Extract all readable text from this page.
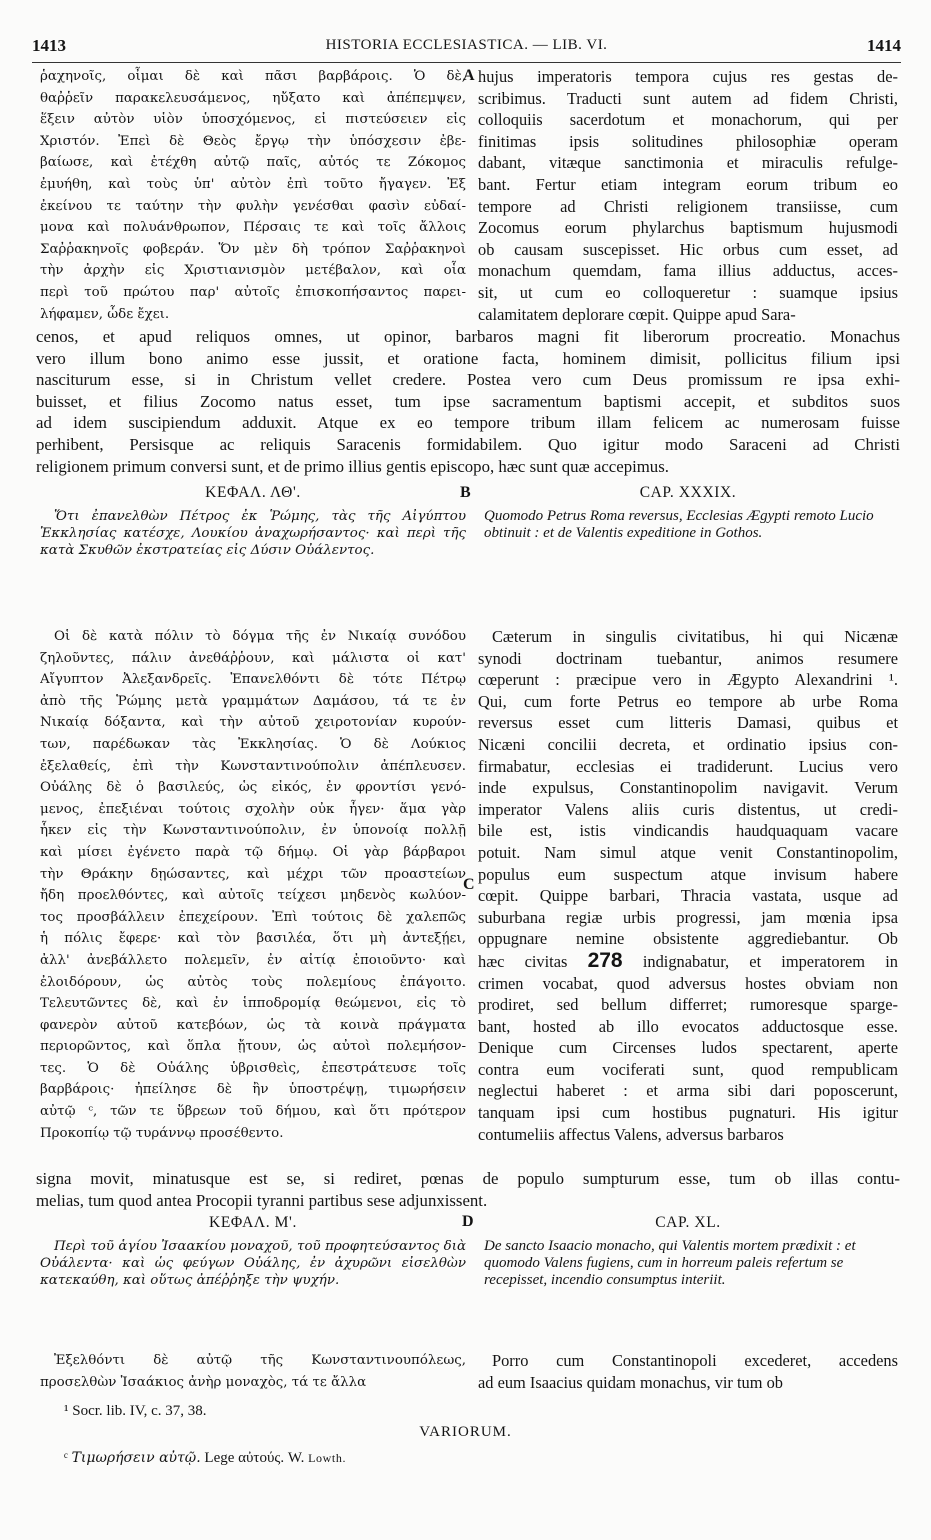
1413	HISTORIA ECCLESIASTICA. — LIB. VI.	1414
ῥαχηνοῖς, οἶμαι δὲ καὶ πᾶσι βαρβάροις. Ὁ δὲ,
θαῤῥεῖν παρακελευσάμενος, ηὔξατο καὶ ἀπέπεμψεν,
ἕξειν αὐτὸν υἱὸν ὑποσχόμενος, εἰ πιστεύσειεν εἰς
Χριστόν. Ἐπεὶ δὲ Θεὸς ἔργῳ τὴν ὑπόσχεσιν ἐβε-
βαίωσε, καὶ ἐτέχθη αὐτῷ παῖς, αὐτός τε Ζόκομος
ἐμυήθη, καὶ τοὺς ὑπ' αὐτὸν ἐπὶ τοῦτο ἤγαγεν. Ἐξ
ἐκείνου τε ταύτην τὴν φυλὴν γενέσθαι φασὶν εὐδαί-
μονα καὶ πολυάνθρωπον, Πέρσαις τε καὶ τοῖς ἄλλοις
Σαῤῥακηνοῖς φοβεράν. Ὅν μὲν δὴ τρόπον Σαῤῥακηνοὶ
τὴν ἀρχὴν εἰς Χριστιανισμὸν μετέβαλον, καὶ οἷα
περὶ τοῦ πρώτου παρ' αὐτοῖς ἐπισκοπήσαντος παρει-
λήφαμεν, ὧδε ἔχει.
hujus imperatoris tempora cujus res gestas de-
scribimus. Traducti sunt autem ad fidem Christi,
colloquiis sacerdotum et monachorum, qui per
finitimas ipsis solitudines philosophiæ operam
dabant, vitæque sanctimonia et miraculis refulge-
bant. Fertur etiam integram eorum tribum eo
tempore ad Christi religionem transiisse, cum
Zocomus eorum phylarchus baptismum hujusmodi
ob causam suscepisset. Hic orbus cum esset, ad
monachum quemdam, fama illius adductus, acces-
sit, ut cum eo colloqueretur : suamque ipsius
calamitatem deplorare cœpit. Quippe apud Sara-
A
cenos, et apud reliquos omnes, ut opinor, barbaros magni fit liberorum procreatio. Monachus
vero illum bono animo esse jussit, et oratione facta, hominem dimisit, pollicitus filium ipsi
nasciturum esse, si in Christum vellet credere. Postea vero cum Deus promissum re ipsa exhi-
buisset, et filius Zocomo natus esset, tum ipse sacramentum baptismi accepit, et subditos suos
ad idem suscipiendum adduxit. Atque ex eo tempore tribum illam felicem ac numerosam fuisse
perhibent, Persisque ac reliquis Saracenis formidabilem. Quo igitur modo Saraceni ad Christi
religionem primum conversi sunt, et de primo illius gentis episcopo, hæc sunt quæ accepimus.

ΚΕΦΑΛ. ΛΘ'.

Ὅτι ἐπανελθὼν Πέτρος ἐκ Ῥώμης, τὰς τῆς Αἰγύπτου Ἐκκλησίας κατέσχε, Λουκίου ἀναχωρήσαντος· καὶ περὶ τῆς κατὰ Σκυθῶν ἐκστρατείας εἰς Δύσιν Οὐάλεντος.

CAP. XXXIX.

Quomodo Petrus Roma reversus, Ecclesias Ægypti remoto Lucio obtinuit : et de Valentis expeditione in Gothos.

B
Οἱ δὲ κατὰ πόλιν τὸ δόγμα τῆς ἐν Νικαίᾳ συνόδου
ζηλοῦντες, πάλιν ἀνεθάῤῥουν, καὶ μάλιστα οἱ κατ'
Αἴγυπτον Ἀλεξανδρεῖς. Ἐπανελθόντι δὲ τότε Πέτρῳ
ἀπὸ τῆς Ῥώμης μετὰ γραμμάτων Δαμάσου, τά τε ἐν
Νικαίᾳ δόξαντα, καὶ τὴν αὐτοῦ χειροτονίαν κυρούν-
των, παρέδωκαν τὰς Ἐκκλησίας. Ὁ δὲ Λούκιος
ἐξελαθείς, ἐπὶ τὴν Κωνσταντινούπολιν ἀπέπλευσεν.
Οὐάλης δὲ ὁ βασιλεύς, ὡς εἰκός, ἐν φροντίσι γενό-
μενος, ἐπεξιέναι τούτοις σχολὴν οὐκ ἦγεν· ἅμα γὰρ
ἧκεν εἰς τὴν Κωνσταντινούπολιν, ἐν ὑπονοίᾳ πολλῇ
καὶ μίσει ἐγένετο παρὰ τῷ δήμῳ. Οἱ γὰρ βάρβαροι
τὴν Θράκην δῃώσαντες, καὶ μέχρι τῶν προαστείων
ἤδη προελθόντες, καὶ αὐτοῖς τείχεσι μηδενὸς κωλύον-
τος προσβάλλειν ἐπεχείρουν. Ἐπὶ τούτοις δὲ χαλεπῶς
ἡ πόλις ἔφερε· καὶ τὸν βασιλέα, ὅτι μὴ ἀντεξῄει,
ἀλλ' ἀνεβάλλετο πολεμεῖν, ἐν αἰτίᾳ ἐποιοῦντο· καὶ
ἐλοιδόρουν, ὡς αὐτὸς τοὺς πολεμίους ἐπάγοιτο.
Τελευτῶντες δὲ, καὶ ἐν ἱπποδρομίᾳ θεώμενοι, εἰς τὸ
φανερὸν αὐτοῦ κατεβόων, ὡς τὰ κοινὰ πράγματα
περιορῶντος, καὶ ὅπλα ᾔτουν, ὡς αὐτοὶ πολεμήσον-
τες. Ὁ δὲ Οὐάλης ὑβρισθεὶς, ἐπεστράτευσε τοῖς
βαρβάροις· ἠπείλησε δὲ ἢν ὑποστρέψῃ, τιμωρήσειν
αὐτῷ ᶜ, τῶν τε ὕβρεων τοῦ δήμου, καὶ ὅτι πρότερον
Προκοπίῳ τῷ τυράννῳ προσέθεντο.
Cæterum in singulis civitatibus, hi qui Nicænæ
synodi doctrinam tuebantur, animos resumere
cœperunt : præcipue vero in Ægypto Alexandrini ¹.
Qui, cum forte Petrus eo tempore ab urbe Roma
reversus esset cum litteris Damasi, quibus et
Nicæni concilii decreta, et ordinatio ipsius con-
firmabatur, ecclesias ei tradiderunt. Lucius vero
inde expulsus, Constantinopolim navigavit. Verum
imperator Valens aliis curis distentus, ut credi-
bile est, istis vindicandis haudquaquam vacare
potuit. Nam simul atque venit Constantinopolim,
populus eum suspectum atque invisum habere
cœpit. Quippe barbari, Thracia vastata, usque ad
suburbana regiæ urbis progressi, jam mœnia ipsa
oppugnare nemine obsistente aggrediebantur. Ob
hæc civitas 278 indignabatur, et imperatorem in
crimen vocabat, quod adversus hostes obviam non
prodiret, sed bellum differret; rumoresque sparge-
bant, hosted ab illo evocatos adductosque esse.
Denique cum Circenses ludos spectarent, aperte
contra eum vociferati sunt, quod rempublicam
neglectui haberet : et arma sibi dari poposcerunt,
tanquam ipsi cum hostibus pugnaturi. His igitur
contumeliis affectus Valens, adversus barbaros
C
signa movit, minatusque est se, si rediret, pœnas de populo sumpturum esse, tum ob illas contu-
melias, tum quod antea Procopii tyranni partibus sese adjunxissent.

ΚΕΦΑΛ. Μ'.

Περὶ τοῦ ἁγίου Ἰσαακίου μοναχοῦ, τοῦ προφητεύσαντος διὰ Οὐάλεντα· καὶ ὡς φεύγων Οὐάλης, ἐν ἀχυρῶνι εἰσελθὼν κατεκαύθη, καὶ οὕτως ἀπέῤῥηξε τὴν ψυχήν.

CAP. XL.

De sancto Isaacio monacho, qui Valentis mortem prædixit : et quomodo Valens fugiens, cum in horreum paleis refertum se recepisset, incendio consumptus interiit.

D
Ἐξελθόντι δὲ αὐτῷ τῆς Κωνσταντινουπόλεως,
προσελθὼν Ἰσαάκιος ἀνὴρ μοναχὸς, τά τε ἄλλα
Porro cum Constantinopoli excederet, accedens
ad eum Isaacius quidam monachus, vir tum ob
¹ Socr. lib. IV, c. 37, 38.
VARIORUM.
ᶜ Τιμωρήσειν αὐτῷ. Lege αὐτούς. W. Lowth.
